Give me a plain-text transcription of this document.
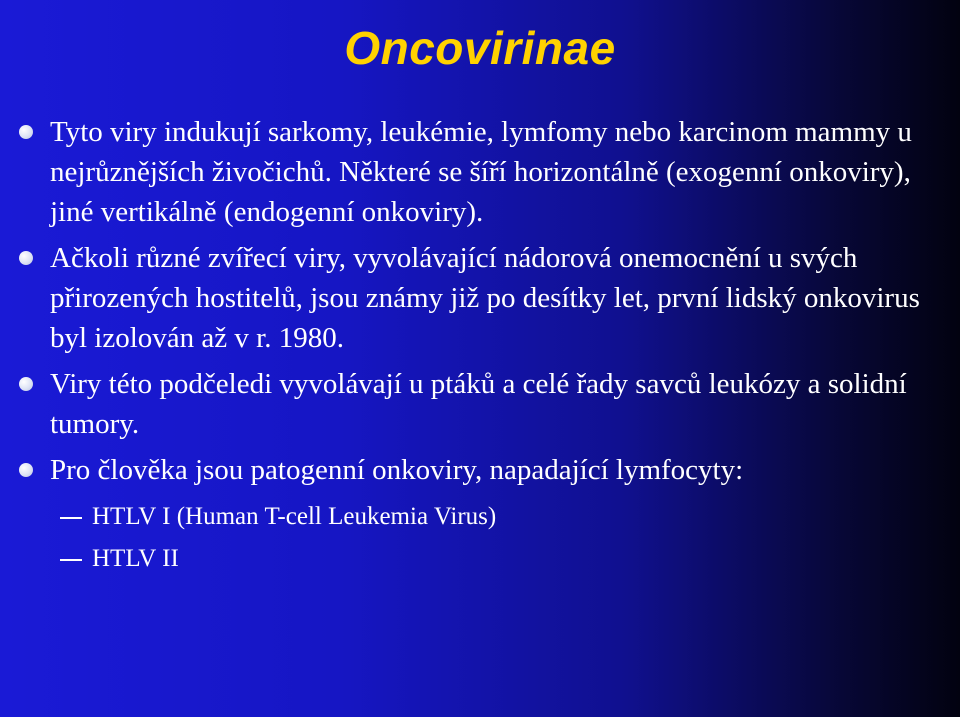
Oncovirinae
Tyto viry indukují sarkomy, leukémie, lymfomy nebo karcinom mammy u nejrůznějších živočichů. Některé se šíří horizontálně (exogenní onkoviry), jiné vertikálně (endogenní onkoviry).
Ačkoli různé zvířecí viry, vyvolávající nádorová onemocnění u svých přirozených hostitelů, jsou známy již po desítky let, první lidský onkovirus byl izolován až v r. 1980.
Viry této podčeledi vyvolávají u ptáků a celé řady savců leukózy a solidní tumory.
Pro člověka jsou patogenní onkoviry, napadající lymfocyty:
HTLV I (Human T-cell Leukemia Virus)
HTLV II
